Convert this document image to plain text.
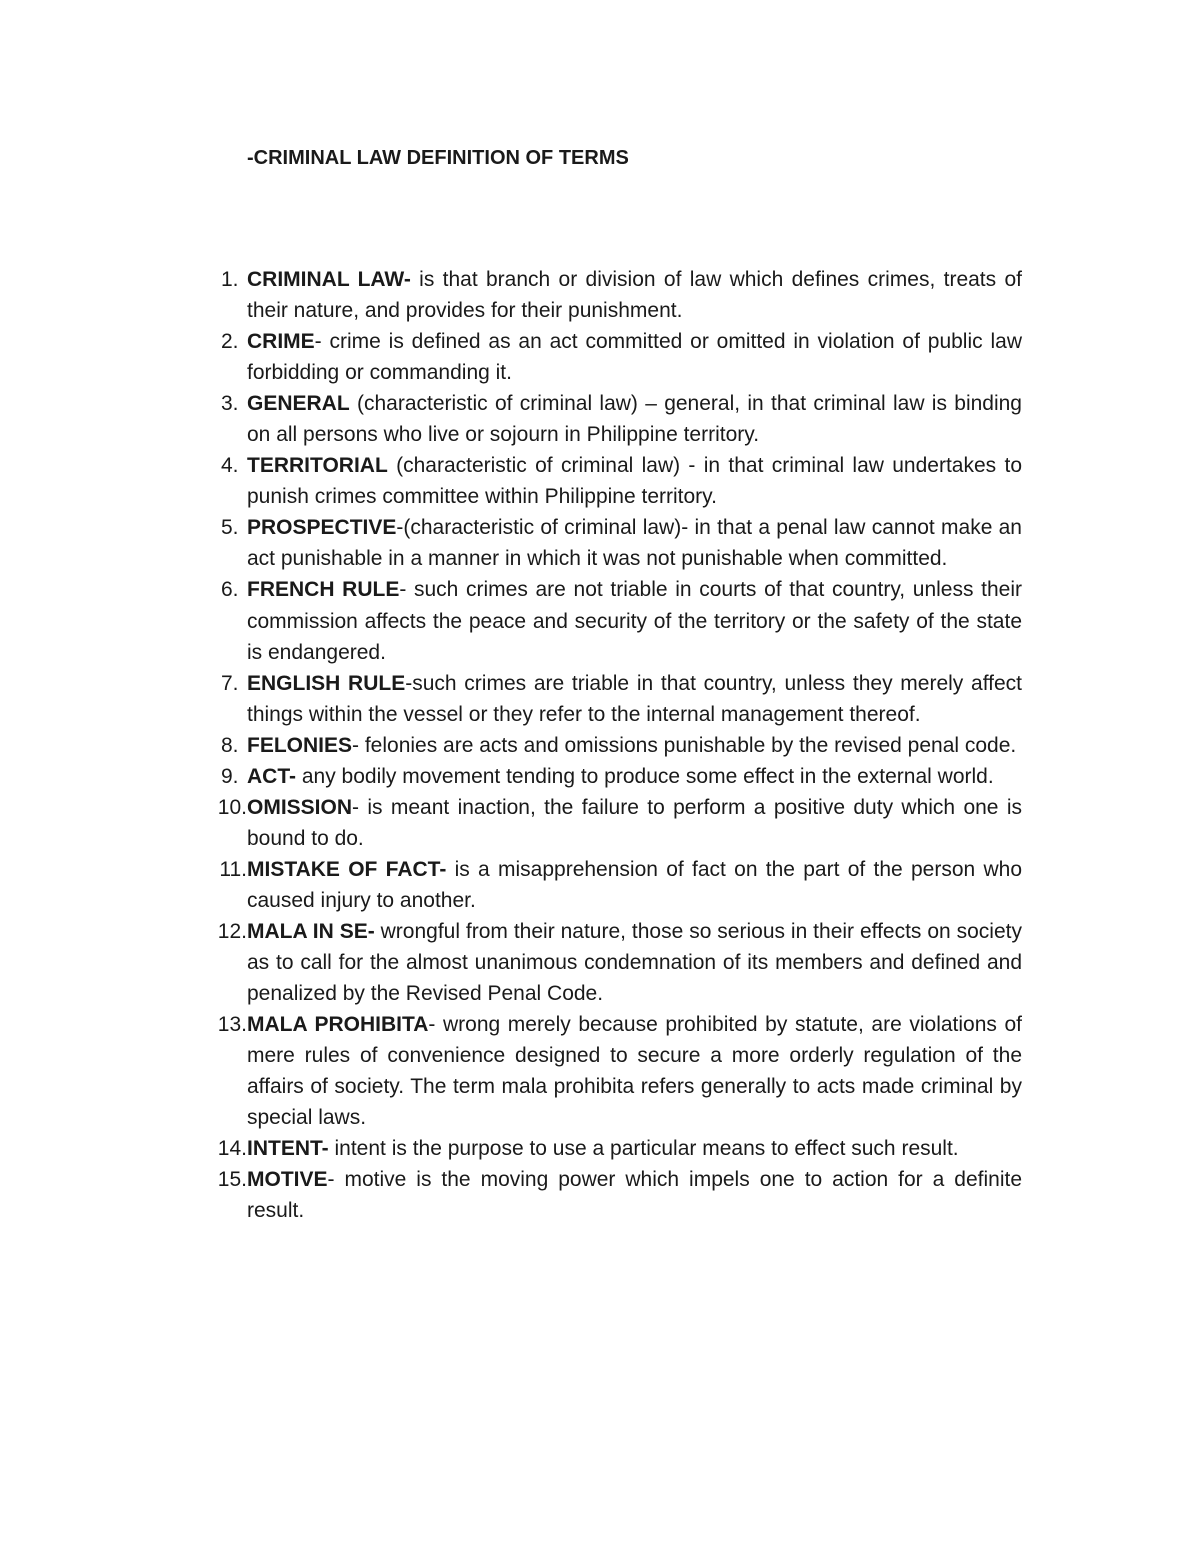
-CRIMINAL LAW DEFINITION OF TERMS
1. CRIMINAL LAW- is that branch or division of law which defines crimes, treats of their nature, and provides for their punishment.
2. CRIME- crime is defined as an act committed or omitted in violation of public law forbidding or commanding it.
3. GENERAL (characteristic of criminal law) – general, in that criminal law is binding on all persons who live or sojourn in Philippine territory.
4. TERRITORIAL (characteristic of criminal law) - in that criminal law undertakes to punish crimes committee within Philippine territory.
5. PROSPECTIVE-(characteristic of criminal law)- in that a penal law cannot make an act punishable in a manner in which it was not punishable when committed.
6. FRENCH RULE- such crimes are not triable in courts of that country, unless their commission affects the peace and security of the territory or the safety of the state is endangered.
7. ENGLISH RULE-such crimes are triable in that country, unless they merely affect things within the vessel or they refer to the internal management thereof.
8. FELONIES- felonies are acts and omissions punishable by the revised penal code.
9. ACT- any bodily movement tending to produce some effect in the external world.
10. OMISSION- is meant inaction, the failure to perform a positive duty which one is bound to do.
11. MISTAKE OF FACT- is a misapprehension of fact on the part of the person who caused injury to another.
12. MALA IN SE- wrongful from their nature, those so serious in their effects on society as to call for the almost unanimous condemnation of its members and defined and penalized by the Revised Penal Code.
13. MALA PROHIBITA- wrong merely because prohibited by statute, are violations of mere rules of convenience designed to secure a more orderly regulation of the affairs of society. The term mala prohibita refers generally to acts made criminal by special laws.
14. INTENT- intent is the purpose to use a particular means to effect such result.
15. MOTIVE- motive is the moving power which impels one to action for a definite result.
